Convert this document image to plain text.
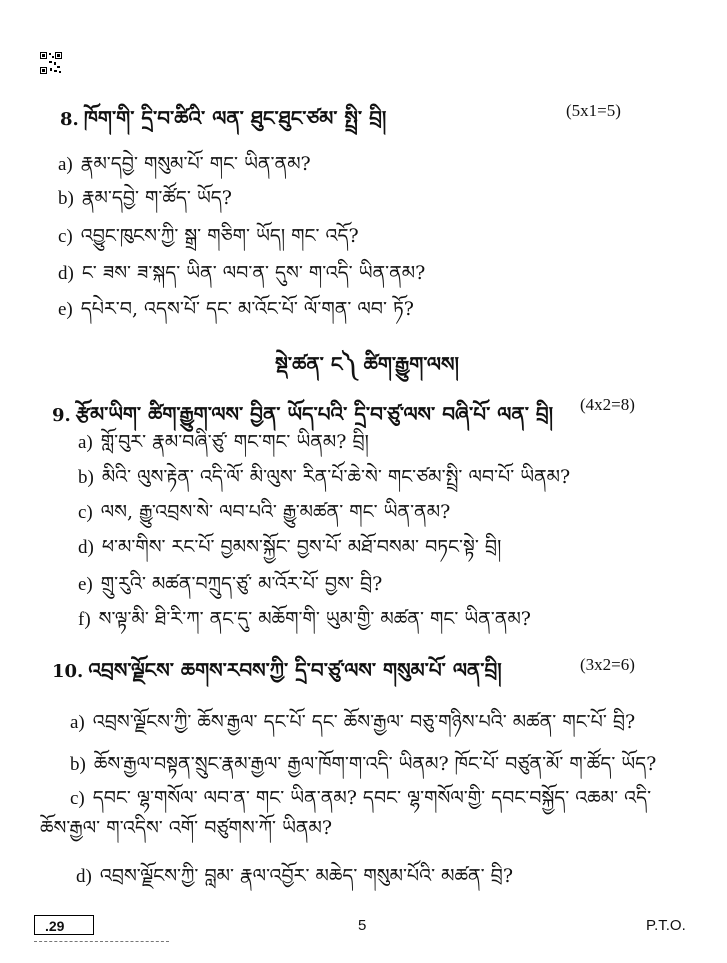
8. ཁོག་གི་ དྲི་བ་ཚིའི་ ལན་ ཐུང་ཐུང་ཙམ་ སྤྲི་ བྲི།	(5x1=5)
a) རྣམ་དབྱེ་ གསུམ་པོ་ གང་ ཡིན་ནམ?
b) རྣམ་དབྱེ་ ག་ཚོད་ ཡོད?
c) འབྱུང་ཁུངས་ཀྱི་ སྒྲ་ གཅིག་ ཡོད། གང་ འདོ?
d) ང་ ཟས་ ཟ་སྐད་ ཡིན་ ལབ་ན་ དུས་ ག་འདི་ ཡིན་ནམ?
e) དཔེར་བ, འདས་པོ་ དང་ མ་འོང་པོ་ ལོ་གན་ ལབ་ ཏོ?
སྡེ་ཚན་ ང༽ ཚིག་རྒྱུག་ལས།
9. རྩོམ་ཡིག་ ཚིག་རྒྱུག་ལས་ བྱིན་ ཡོད་པའི་ དྲི་བ་ཙུ་ལས་ བཞི་པོ་ ལན་ བྲི། (4x2=8)
a) གློ་བུར་ རྣམ་བཞི་ཙུ་ གང་གང་ ཡིནམ? བྲི།
b) མིའི་ ལུས་རྟེན་ འདི་ལོ་ མི་ལུས་ རིན་པོ་ཆེ་སེ་ གང་ཙམ་སྤྲི་ ལབ་པོ་ ཡིནམ?
c) ལས, རྒྱུ་འབྲས་སེ་ ལབ་པའི་ རྒྱུ་མཚན་ གང་ ཡིན་ནམ?
d) ཕ་མ་གིས་ རང་པོ་ བྱམས་སྐྱོང་ བྱས་པོ་ མཐོ་བསམ་ བཏང་སྟེ་ བྲི།
e) གྲུ་རུའི་ མཚན་བཀྲུད་ཙུ་ མ་འོར་པོ་ བྱས་ བྲི?
f) ས་ལྟ་མི་ ཐི་རི་ཀ་ ནང་དུ་ མཆོག་གི་ ཡུམ་གྱི་ མཚན་ གང་ ཡིན་ནམ?
10. འབྲས་ལྗོངས་ ཆགས་རབས་ཀྱི་ དྲི་བ་ཙུ་ལས་ གསུམ་པོ་ ལན་བྲི།	(3x2=6)
a) འབྲས་ལྗོངས་ཀྱི་ ཆོས་རྒྱལ་ དང་པོ་ དང་ ཆོས་རྒྱལ་ བཅུ་གཉིས་པའི་ མཚན་ གང་པོ་ བྲི?
b) ཆོས་རྒྱལ་བསྟན་སྲུང་རྣམ་རྒྱལ་ རྒྱལ་ཁོག་ག་འདི་ ཡིནམ? ཁོང་པོ་ བཙུན་མོ་ ག་ཚོད་ ཡོད?
c) དབང་ ལྷ་གསོལ་ ལབ་ན་ གང་ ཡིན་ནམ? དབང་ ལྷ་གསོལ་གྱི་ དབང་བསྐྱོད་ འཆམ་ འདི་
ཆོས་རྒྱལ་ ག་འདིས་ འགོ་ བཙུགས་ཀོ་ ཡིནམ?
d) འབྲས་ལྗོངས་ཀྱི་ བླམ་ རྣལ་འབྱོར་ མཆེད་ གསུམ་པོའི་ མཚན་ བྲི?
.29	5	P.T.O.
